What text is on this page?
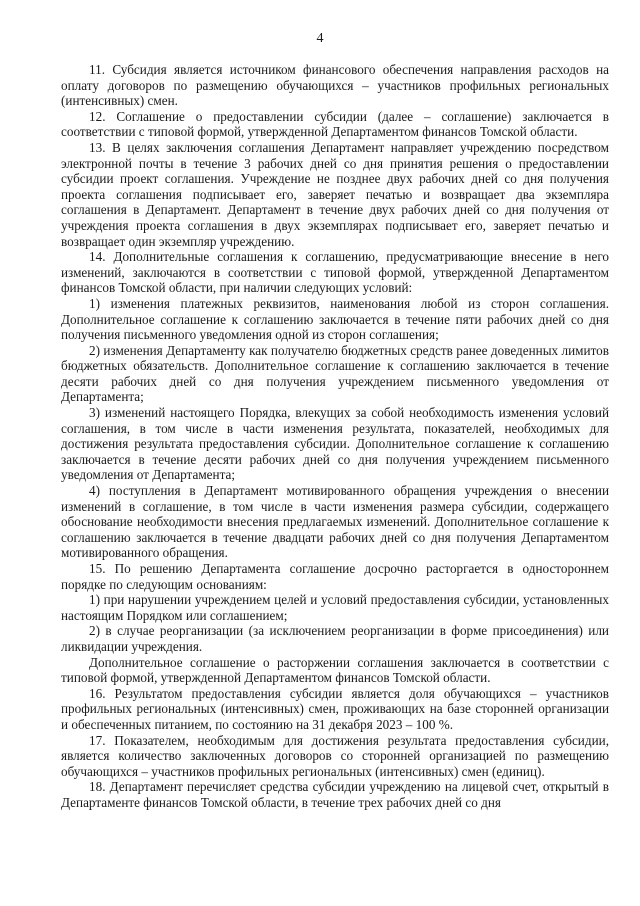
4

11. Субсидия является источником финансового обеспечения направления расходов на оплату договоров по размещению обучающихся – участников профильных региональных (интенсивных) смен.

12. Соглашение о предоставлении субсидии (далее – соглашение) заключается в соответствии с типовой формой, утвержденной Департаментом финансов Томской области.

13. В целях заключения соглашения Департамент направляет учреждению посредством электронной почты в течение 3 рабочих дней со дня принятия решения о предоставлении субсидии проект соглашения. Учреждение не позднее двух рабочих дней со дня получения проекта соглашения подписывает его, заверяет печатью и возвращает два экземпляра соглашения в Департамент. Департамент в течение двух рабочих дней со дня получения от учреждения проекта соглашения в двух экземплярах подписывает его, заверяет печатью и возвращает один экземпляр учреждению.

14. Дополнительные соглашения к соглашению, предусматривающие внесение в него изменений, заключаются в соответствии с типовой формой, утвержденной Департаментом финансов Томской области, при наличии следующих условий:

1) изменения платежных реквизитов, наименования любой из сторон соглашения. Дополнительное соглашение к соглашению заключается в течение пяти рабочих дней со дня получения письменного уведомления одной из сторон соглашения;

2) изменения Департаменту как получателю бюджетных средств ранее доведенных лимитов бюджетных обязательств. Дополнительное соглашение к соглашению заключается в течение десяти рабочих дней со дня получения учреждением письменного уведомления от Департамента;

3) изменений настоящего Порядка, влекущих за собой необходимость изменения условий соглашения, в том числе в части изменения результата, показателей, необходимых для достижения результата предоставления субсидии. Дополнительное соглашение к соглашению заключается в течение десяти рабочих дней со дня получения учреждением письменного уведомления от Департамента;

4) поступления в Департамент мотивированного обращения учреждения о внесении изменений в соглашение, в том числе в части изменения размера субсидии, содержащего обоснование необходимости внесения предлагаемых изменений. Дополнительное соглашение к соглашению заключается в течение двадцати рабочих дней со дня получения Департаментом мотивированного обращения.

15. По решению Департамента соглашение досрочно расторгается в одностороннем порядке по следующим основаниям:

1) при нарушении учреждением целей и условий предоставления субсидии, установленных настоящим Порядком или соглашением;

2) в случае реорганизации (за исключением реорганизации в форме присоединения) или ликвидации учреждения.

Дополнительное соглашение о расторжении соглашения заключается в соответствии с типовой формой, утвержденной Департаментом финансов Томской области.

16. Результатом предоставления субсидии является доля обучающихся – участников профильных региональных (интенсивных) смен, проживающих на базе сторонней организации и обеспеченных питанием, по состоянию на 31 декабря 2023 – 100 %.

17. Показателем, необходимым для достижения результата предоставления субсидии, является количество заключенных договоров со сторонней организацией по размещению обучающихся – участников профильных региональных (интенсивных) смен (единиц).

18. Департамент перечисляет средства субсидии учреждению на лицевой счет, открытый в Департаменте финансов Томской области, в течение трех рабочих дней со дня
